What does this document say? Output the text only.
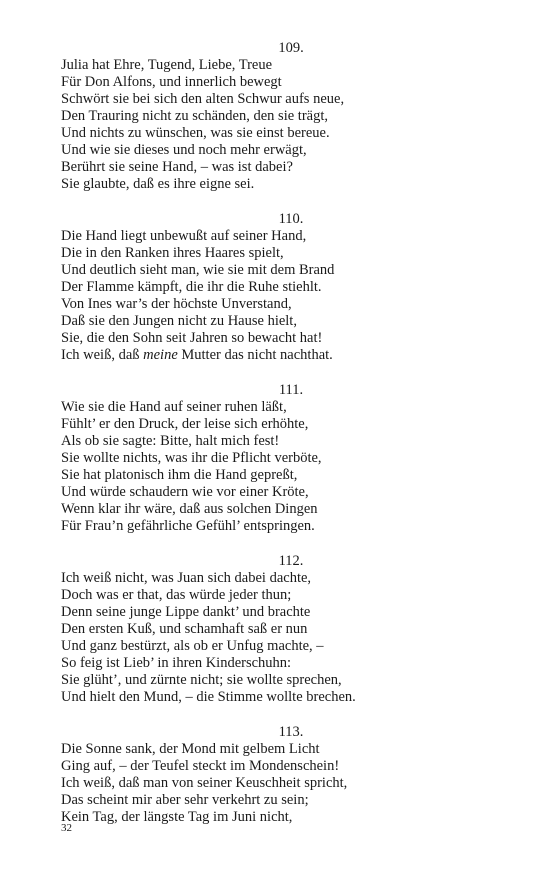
109.
Julia hat Ehre, Tugend, Liebe, Treue
Für Don Alfons, und innerlich bewegt
Schwört sie bei sich den alten Schwur aufs neue,
Den Trauring nicht zu schänden, den sie trägt,
Und nichts zu wünschen, was sie einst bereue.
Und wie sie dieses und noch mehr erwägt,
Berührt sie seine Hand, – was ist dabei?
Sie glaubte, daß es ihre eigne sei.
110.
Die Hand liegt unbewußt auf seiner Hand,
Die in den Ranken ihres Haares spielt,
Und deutlich sieht man, wie sie mit dem Brand
Der Flamme kämpft, die ihr die Ruhe stiehlt.
Von Ines war’s der höchste Unverstand,
Daß sie den Jungen nicht zu Hause hielt,
Sie, die den Sohn seit Jahren so bewacht hat!
Ich weiß, daß meine Mutter das nicht nachthat.
111.
Wie sie die Hand auf seiner ruhen läßt,
Fühlt’ er den Druck, der leise sich erhöhte,
Als ob sie sagte: Bitte, halt mich fest!
Sie wollte nichts, was ihr die Pflicht verböte,
Sie hat platonisch ihm die Hand gepreßt,
Und würde schaudern wie vor einer Kröte,
Wenn klar ihr wäre, daß aus solchen Dingen
Für Frau’n gefährliche Gefühl’ entspringen.
112.
Ich weiß nicht, was Juan sich dabei dachte,
Doch was er that, das würde jeder thun;
Denn seine junge Lippe dankt’ und brachte
Den ersten Kuß, und schamhaft saß er nun
Und ganz bestürzt, als ob er Unfug machte, –
So feig ist Lieb’ in ihren Kinderschuhn:
Sie glüht’, und zürnte nicht; sie wollte sprechen,
Und hielt den Mund, – die Stimme wollte brechen.
113.
Die Sonne sank, der Mond mit gelbem Licht
Ging auf, – der Teufel steckt im Mondenschein!
Ich weiß, daß man von seiner Keuschheit spricht,
Das scheint mir aber sehr verkehrt zu sein;
Kein Tag, der längste Tag im Juni nicht,
32
